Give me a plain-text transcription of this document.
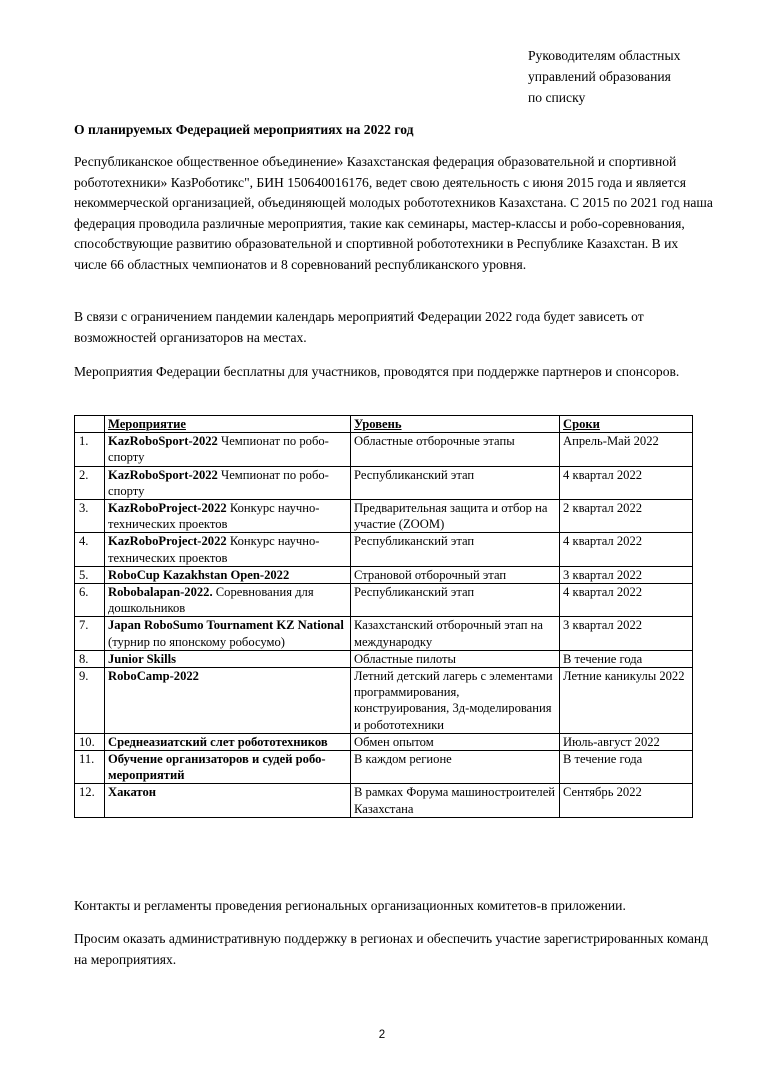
Руководителям областных
управлений образования
по списку
О планируемых Федерацией мероприятиях на 2022 год

Республиканское общественное объединение» Казахстанская федерация образовательной и спортивной робототехники» КазРоботикс", БИН 150640016176, ведет свою деятельность с июня 2015 года и является некоммерческой организацией, объединяющей молодых робототехников Казахстана. С 2015 по 2021 год наша федерация проводила различные мероприятия, такие как семинары, мастер-классы и робо-соревнования, способствующие развитию образовательной и спортивной робототехники в Республике Казахстан. В их числе 66 областных чемпионатов и 8 соревнований республиканского уровня.

В связи с ограничением пандемии календарь мероприятий Федерации 2022 года будет зависеть от возможностей организаторов на местах.

Мероприятия Федерации бесплатны для участников, проводятся при поддержке партнеров и спонсоров.

	Мероприятие	Уровень	Сроки
1.	KazRoboSport-2022 Чемпионат по робо-спорту	Областные отборочные этапы	Апрель-Май 2022
2.	KazRoboSport-2022 Чемпионат по робо-спорту	Республиканский этап	4 квартал 2022
3.	KazRoboProject-2022 Конкурс научно-технических проектов	Предварительная защита и отбор на участие (ZOOM)	2 квартал 2022
4.	KazRoboProject-2022 Конкурс научно-технических проектов	Республиканский этап	4 квартал 2022
5.	RoboCup Kazakhstan Open-2022	Страновой отборочный этап	3 квартал 2022
6.	Robobalapan-2022. Соревнования для дошкольников	Республиканский этап	4 квартал 2022
7.	Japan RoboSumo Tournament KZ National (турнир по японскому робосумо)	Казахстанский отборочный этап на международку	3 квартал 2022
8.	Junior Skills	Областные пилоты	В течение года
9.	RoboCamp-2022	Летний детский лагерь с элементами программирования, конструирования, 3д-моделирования и робототехники	Летние каникулы 2022
10.	Среднеазиатский слет робототехников	Обмен опытом	Июль-август 2022
11.	Обучение организаторов и судей робо-мероприятий	В каждом регионе	В течение года
12.	Хакатон	В рамках Форума машиностроителей Казахстана	Сентябрь 2022

Контакты и регламенты проведения региональных организационных комитетов-в приложении.

Просим оказать административную поддержку в регионах и обеспечить участие зарегистрированных команд на мероприятиях.

2
